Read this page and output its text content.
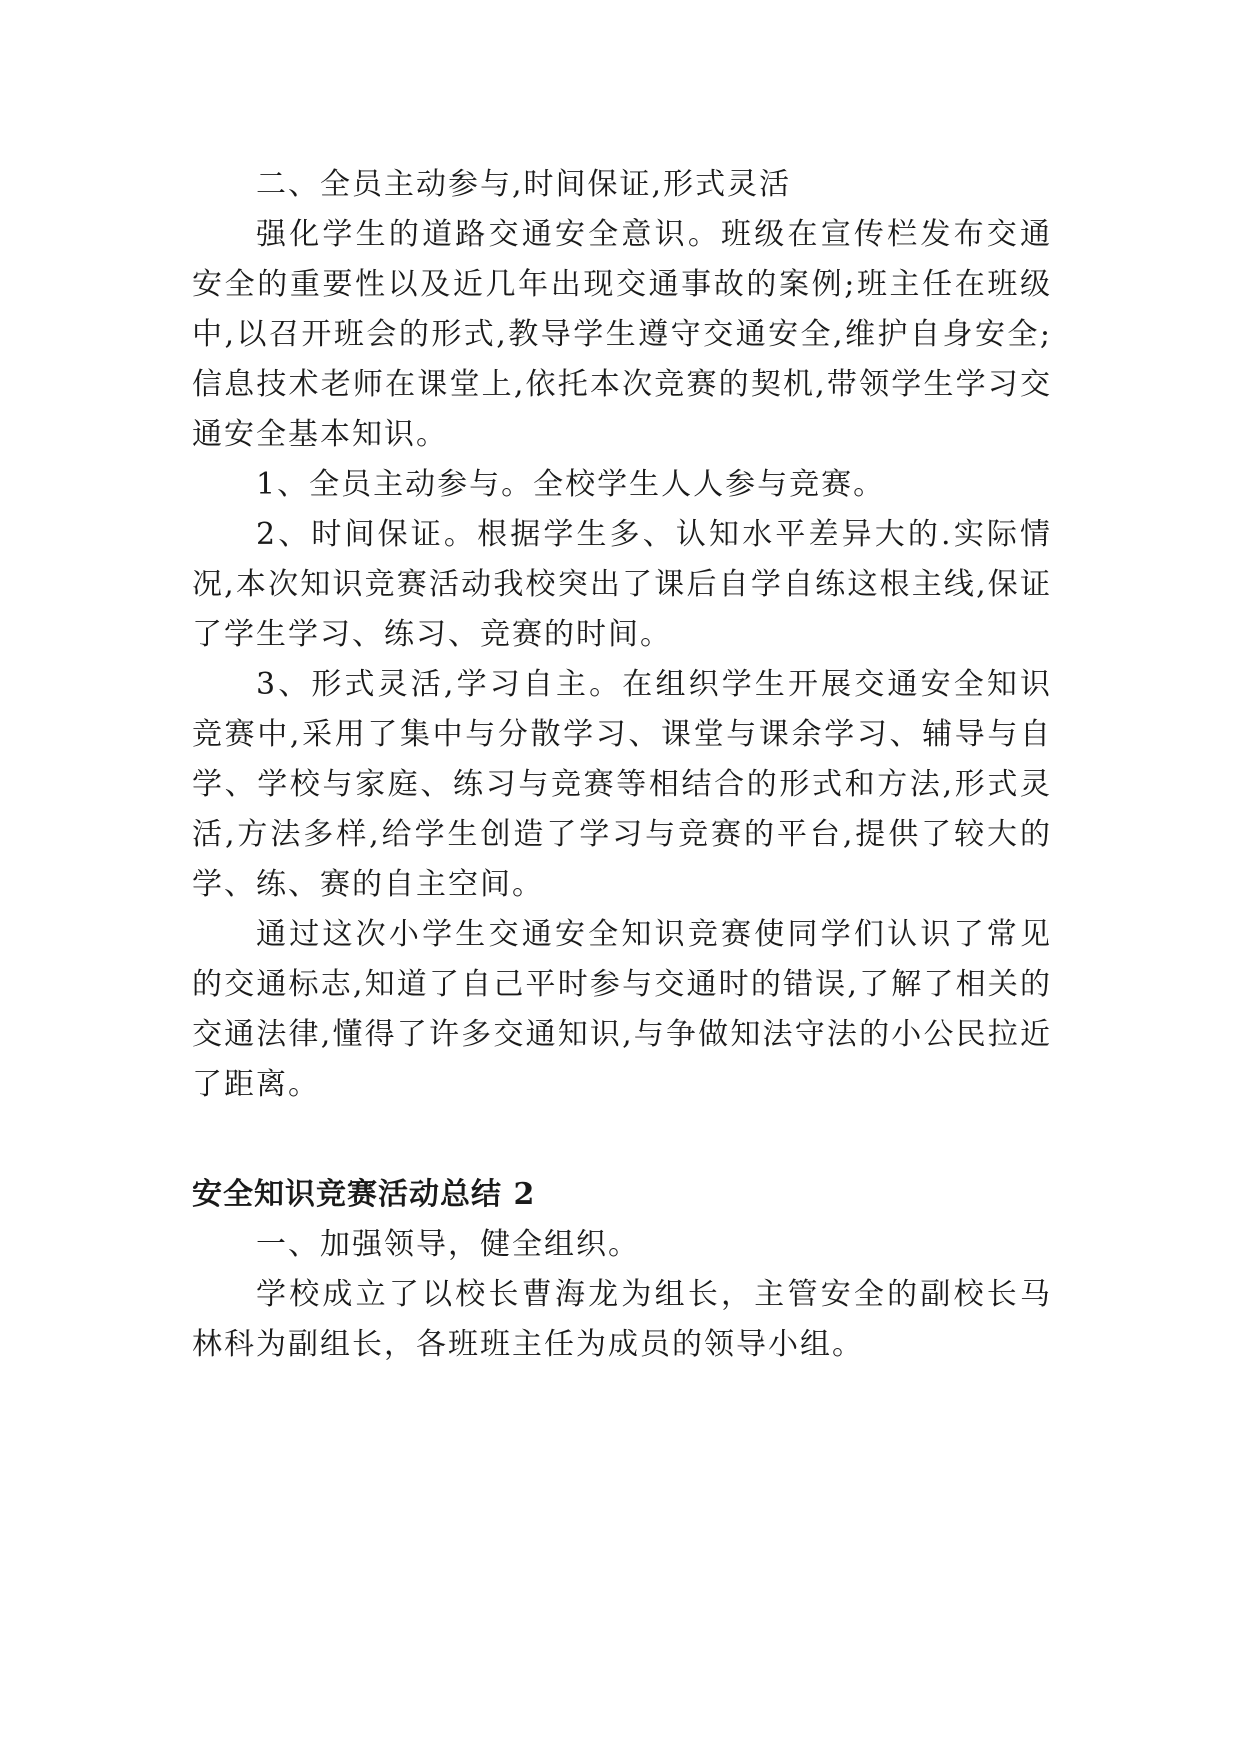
二、全员主动参与,时间保证,形式灵活

强化学生的道路交通安全意识。班级在宣传栏发布交通安全的重要性以及近几年出现交通事故的案例;班主任在班级中,以召开班会的形式,教导学生遵守交通安全,维护自身安全;信息技术老师在课堂上,依托本次竞赛的契机,带领学生学习交通安全基本知识。

1、全员主动参与。全校学生人人参与竞赛。

2、时间保证。根据学生多、认知水平差异大的.实际情况,本次知识竞赛活动我校突出了课后自学自练这根主线,保证了学生学习、练习、竞赛的时间。

3、形式灵活,学习自主。在组织学生开展交通安全知识竞赛中,采用了集中与分散学习、课堂与课余学习、辅导与自学、学校与家庭、练习与竞赛等相结合的形式和方法,形式灵活,方法多样,给学生创造了学习与竞赛的平台,提供了较大的学、练、赛的自主空间。

通过这次小学生交通安全知识竞赛使同学们认识了常见的交通标志,知道了自己平时参与交通时的错误,了解了相关的交通法律,懂得了许多交通知识,与争做知法守法的小公民拉近了距离。

安全知识竞赛活动总结 2

一、加强领导，健全组织。

学校成立了以校长曹海龙为组长，主管安全的副校长马林科为副组长，各班班主任为成员的领导小组。
